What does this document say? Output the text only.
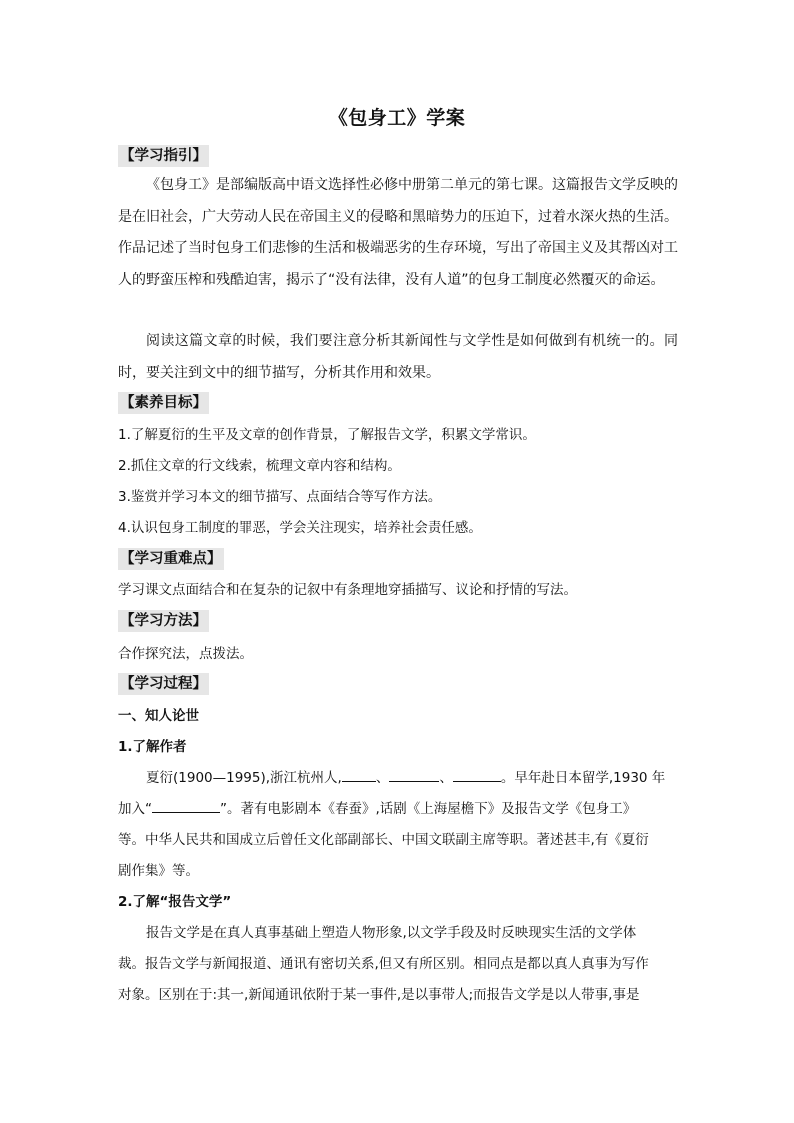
《包身工》学案
【学习指引】

《包身工》是部编版高中语文选择性必修中册第二单元的第七课。这篇报告文学反映的是在旧社会，广大劳动人民在帝国主义的侵略和黑暗势力的压迫下，过着水深火热的生活。作品记述了当时包身工们悲惨的生活和极端恶劣的生存环境，写出了帝国主义及其帮凶对工人的野蛮压榨和残酷迫害，揭示了“没有法律，没有人道”的包身工制度必然覆灭的命运。

阅读这篇文章的时候，我们要注意分析其新闻性与文学性是如何做到有机统一的。同时，要关注到文中的细节描写，分析其作用和效果。

【素养目标】
1.了解夏衍的生平及文章的创作背景，了解报告文学，积累文学常识。
2.抓住文章的行文线索，梳理文章内容和结构。
3.鉴赏并学习本文的细节描写、点面结合等写作方法。
4.认识包身工制度的罪恶，学会关注现实，培养社会责任感。
【学习重难点】
学习课文点面结合和在复杂的记叙中有条理地穿插描写、议论和抒情的写法。
【学习方法】
合作探究法，点拨法。
【学习过程】
一、知人论世
1.了解作者
夏衍(1900—1995),浙江杭州人,	、	、	。早年赴日本留学,1930 年
加入“	”。著有电影剧本《春蚕》,话剧《上海屋檐下》及报告文学《包身工》
等。中华人民共和国成立后曾任文化部副部长、中国文联副主席等职。著述甚丰,有《夏衍
剧作集》等。
2.了解“报告文学”
报告文学是在真人真事基础上塑造人物形象,以文学手段及时反映现实生活的文学体
裁。报告文学与新闻报道、通讯有密切关系,但又有所区别。相同点是都以真人真事为写作
对象。区别在于:其一,新闻通讯依附于某一事件,是以事带人;而报告文学是以人带事,事是
